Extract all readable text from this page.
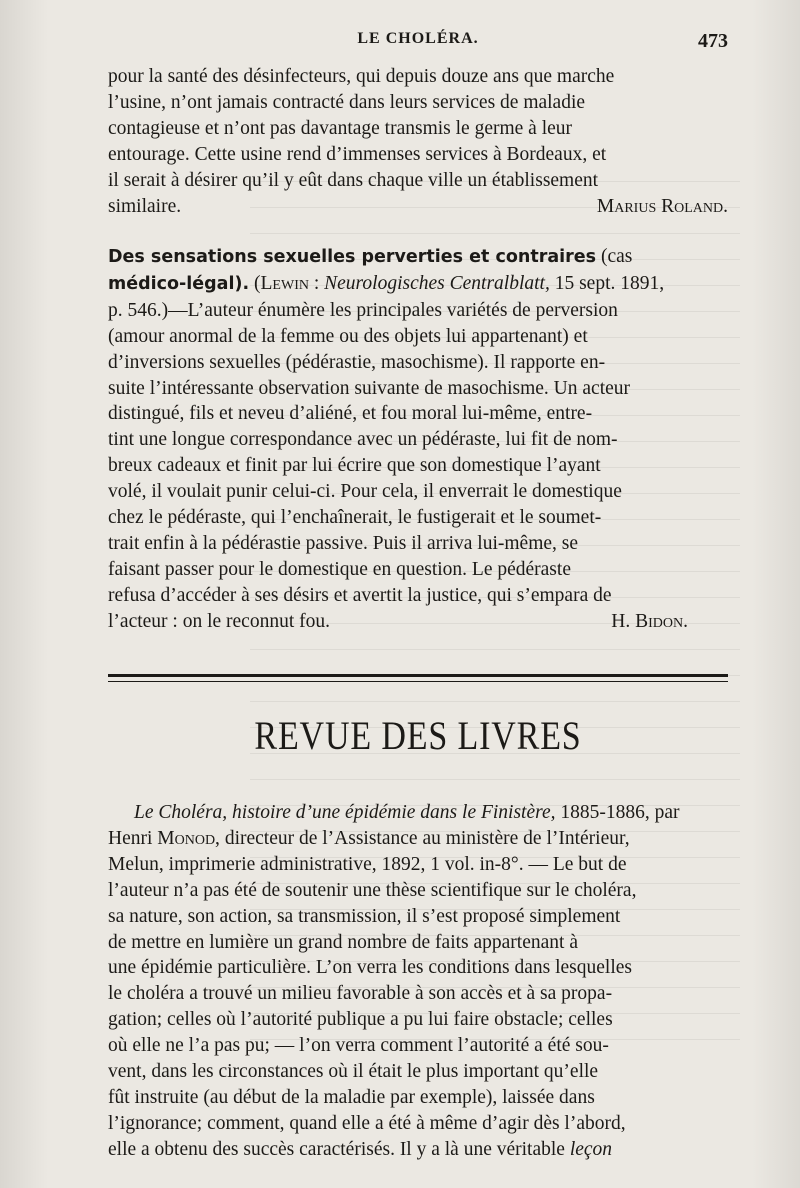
LE CHOLÉRA.	473

pour la santé des désinfecteurs, qui depuis douze ans que marche

l’usine, n’ont jamais contracté dans leurs services de maladie

contagieuse et n’ont pas davantage transmis le germe à leur

entourage. Cette usine rend d’immenses services à Bordeaux, et

il serait à désirer qu’il y eût dans chaque ville un établissement

similaire.	Marius Roland.

Des sensations sexuelles perverties et contraires (cas

médico-légal). (Lewin : Neurologisches Centralblatt, 15 sept. 1891,

p. 546.)—L’auteur énumère les principales variétés de perversion

(amour anormal de la femme ou des objets lui appartenant) et

d’inversions sexuelles (pédérastie, masochisme). Il rapporte en-

suite l’intéressante observation suivante de masochisme. Un acteur

distingué, fils et neveu d’aliéné, et fou moral lui-même, entre-

tint une longue correspondance avec un pédéraste, lui fit de nom-

breux cadeaux et finit par lui écrire que son domestique l’ayant

volé, il voulait punir celui-ci. Pour cela, il enverrait le domestique

chez le pédéraste, qui l’enchaînerait, le fustigerait et le soumet-

trait enfin à la pédérastie passive. Puis il arriva lui-même, se

faisant passer pour le domestique en question. Le pédéraste

refusa d’accéder à ses désirs et avertit la justice, qui s’empara de

l’acteur : on le reconnut fou.	H. Bidon.
REVUE DES LIVRES

Le Choléra, histoire d’une épidémie dans le Finistère, 1885-1886, par

Henri Monod, directeur de l’Assistance au ministère de l’Intérieur,

Melun, imprimerie administrative, 1892, 1 vol. in-8°. — Le but de

l’auteur n’a pas été de soutenir une thèse scientifique sur le choléra,

sa nature, son action, sa transmission, il s’est proposé simplement

de mettre en lumière un grand nombre de faits appartenant à

une épidémie particulière. L’on verra les conditions dans lesquelles

le choléra a trouvé un milieu favorable à son accès et à sa propa-

gation; celles où l’autorité publique a pu lui faire obstacle; celles

où elle ne l’a pas pu; — l’on verra comment l’autorité a été sou-

vent, dans les circonstances où il était le plus important qu’elle

fût instruite (au début de la maladie par exemple), laissée dans

l’ignorance; comment, quand elle a été à même d’agir dès l’abord,

elle a obtenu des succès caractérisés. Il y a là une véritable leçon
